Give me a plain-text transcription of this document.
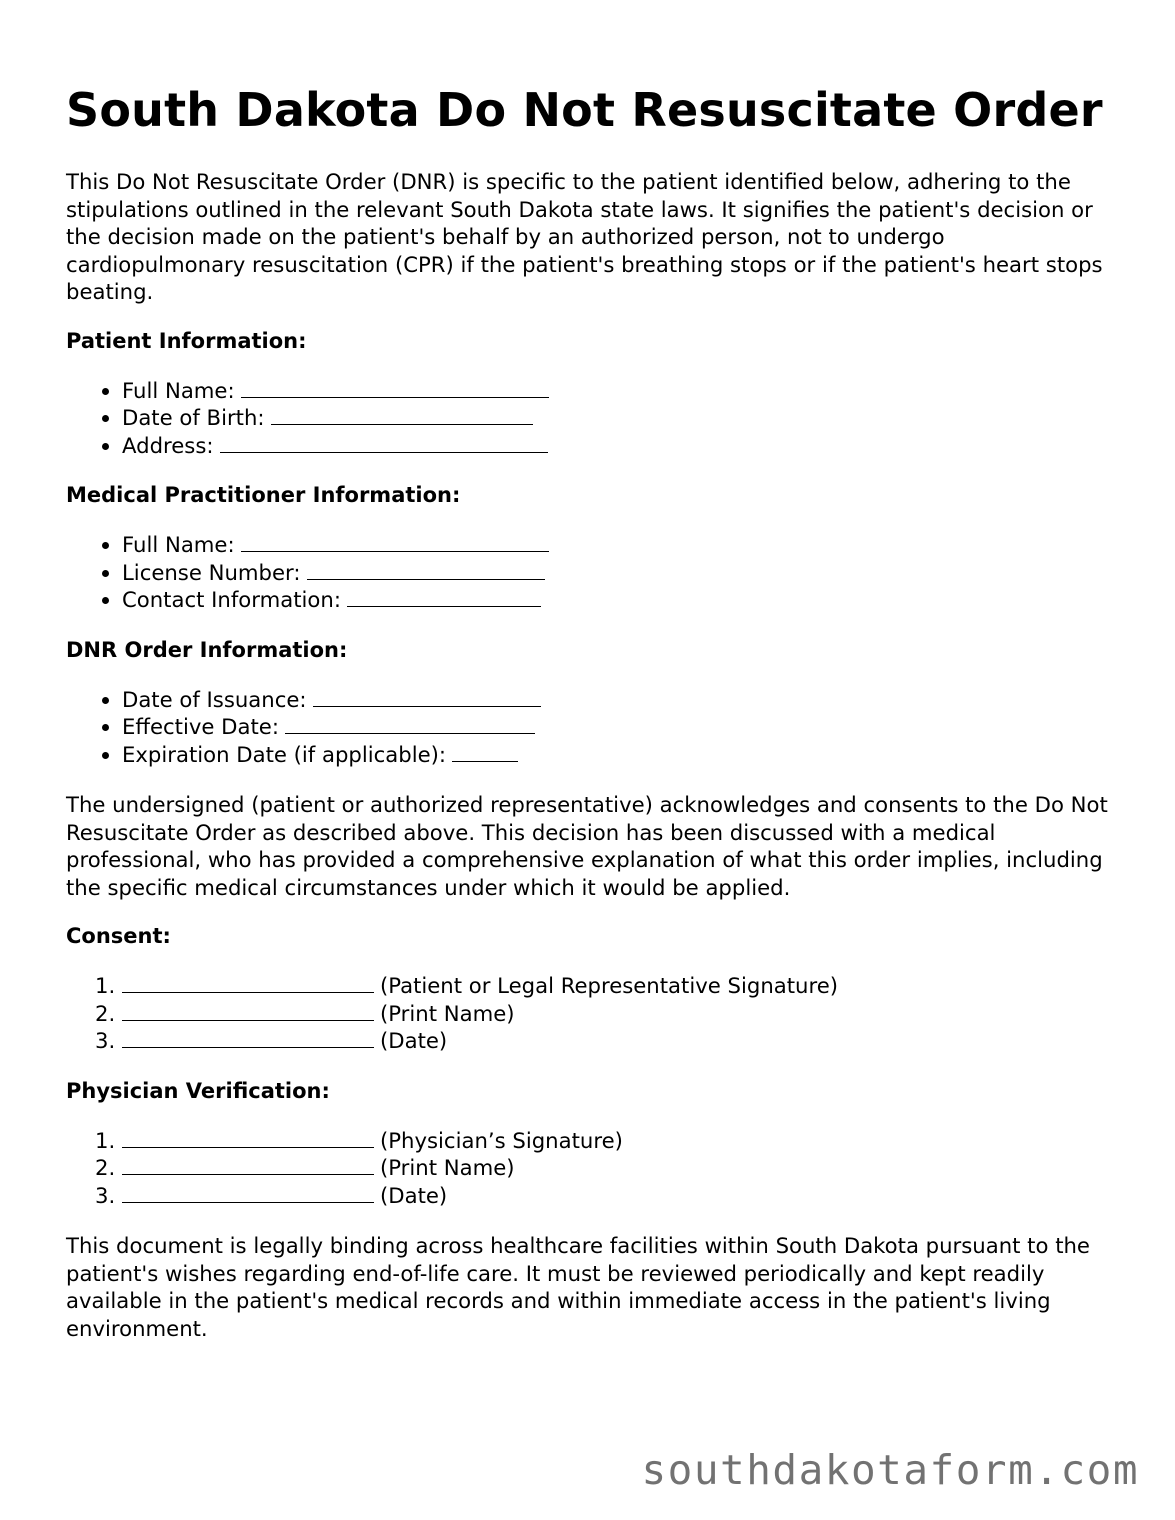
South Dakota Do Not Resuscitate Order

This Do Not Resuscitate Order (DNR) is specific to the patient identified below, adhering to the stipulations outlined in the relevant South Dakota state laws. It signifies the patient's decision or the decision made on the patient's behalf by an authorized person, not to undergo cardiopulmonary resuscitation (CPR) if the patient's breathing stops or if the patient's heart stops beating.

Patient Information:
• Full Name:
• Date of Birth:
• Address:
Medical Practitioner Information:
• Full Name:
• License Number:
• Contact Information:
DNR Order Information:
• Date of Issuance:
• Effective Date:
• Expiration Date (if applicable):

The undersigned (patient or authorized representative) acknowledges and consents to the Do Not Resuscitate Order as described above. This decision has been discussed with a medical professional, who has provided a comprehensive explanation of what this order implies, including the specific medical circumstances under which it would be applied.

Consent:
1. (Patient or Legal Representative Signature)
2. (Print Name)
3. (Date)
Physician Verification:
1. (Physician’s Signature)
2. (Print Name)
3. (Date)

This document is legally binding across healthcare facilities within South Dakota pursuant to the patient's wishes regarding end-of-life care. It must be reviewed periodically and kept readily available in the patient's medical records and within immediate access in the patient's living environment.

southdakotaform.com
